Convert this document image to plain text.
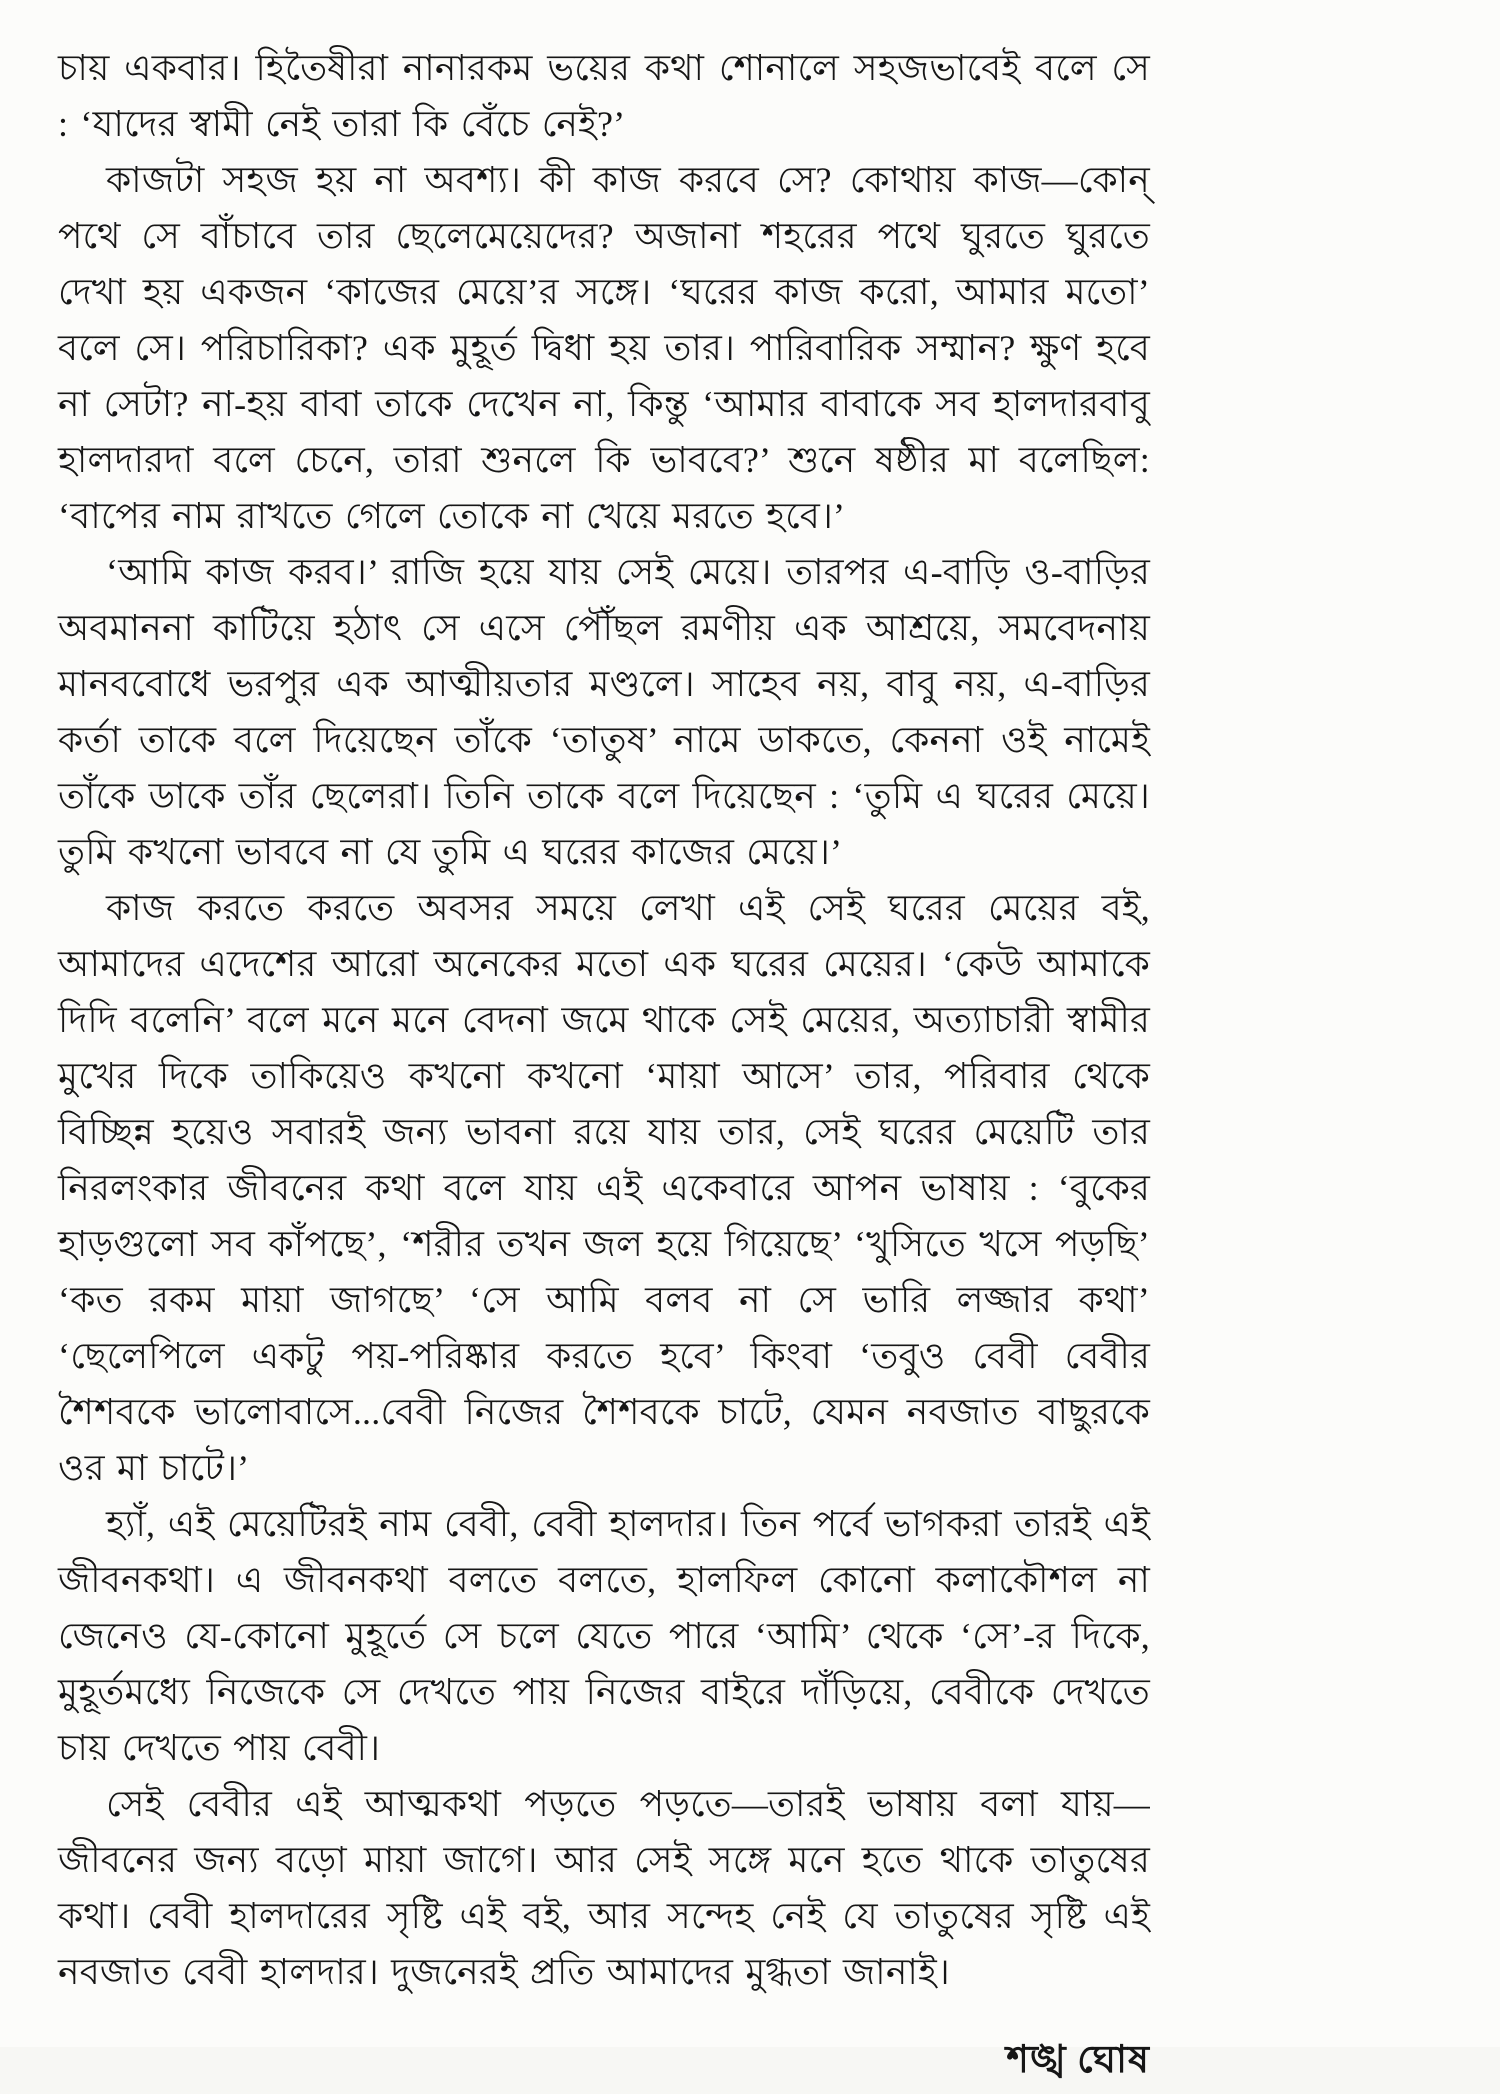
চায় একবার। হিতৈষীরা নানারকম ভয়ের কথা শোনালে সহজভাবেই বলে সে : ‘যাদের স্বামী নেই তারা কি বেঁচে নেই?’

কাজটা সহজ হয় না অবশ্য। কী কাজ করবে সে? কোথায় কাজ—কোন্‌ পথে সে বাঁচাবে তার ছেলেমেয়েদের? অজানা শহরের পথে ঘুরতে ঘুরতে দেখা হয় একজন ‘কাজের মেয়ে’র সঙ্গে। ‘ঘরের কাজ করো, আমার মতো’ বলে সে। পরিচারিকা? এক মুহূর্ত দ্বিধা হয় তার। পারিবারিক সম্মান? ক্ষুণ হবে না সেটা? না-হয় বাবা তাকে দেখেন না, কিন্তু ‘আমার বাবাকে সব হালদারবাবু হালদারদা বলে চেনে, তারা শুনলে কি ভাববে?’ শুনে ষষ্ঠীর মা বলেছিল: ‘বাপের নাম রাখতে গেলে তোকে না খেয়ে মরতে হবে।’

‘আমি কাজ করব।’ রাজি হয়ে যায় সেই মেয়ে। তারপর এ-বাড়ি ও-বাড়ির অবমাননা কাটিয়ে হঠাৎ সে এসে পৌঁছল রমণীয় এক আশ্রয়ে, সমবেদনায় মানববোধে ভরপুর এক আত্মীয়তার মণ্ডলে। সাহেব নয়, বাবু নয়, এ-বাড়ির কর্তা তাকে বলে দিয়েছেন তাঁকে ‘তাতুষ’ নামে ডাকতে, কেননা ওই নামেই তাঁকে ডাকে তাঁর ছেলেরা। তিনি তাকে বলে দিয়েছেন : ‘তুমি এ ঘরের মেয়ে। তুমি কখনো ভাববে না যে তুমি এ ঘরের কাজের মেয়ে।’

কাজ করতে করতে অবসর সময়ে লেখা এই সেই ঘরের মেয়ের বই, আমাদের এদেশের আরো অনেকের মতো এক ঘরের মেয়ের। ‘কেউ আমাকে দিদি বলেনি’ বলে মনে মনে বেদনা জমে থাকে সেই মেয়ের, অত্যাচারী স্বামীর মুখের দিকে তাকিয়েও কখনো কখনো ‘মায়া আসে’ তার, পরিবার থেকে বিচ্ছিন্ন হয়েও সবারই জন্য ভাবনা রয়ে যায় তার, সেই ঘরের মেয়েটি তার নিরলংকার জীবনের কথা বলে যায় এই একেবারে আপন ভাষায় : ‘বুকের হাড়গুলো সব কাঁপছে’, ‘শরীর তখন জল হয়ে গিয়েছে’ ‘খুসিতে খসে পড়ছি’ ‘কত রকম মায়া জাগছে’ ‘সে আমি বলব না সে ভারি লজ্জার কথা’ ‘ছেলেপিলে একটু পয়-পরিষ্কার করতে হবে’ কিংবা ‘তবুও বেবী বেবীর শৈশবকে ভালোবাসে...বেবী নিজের শৈশবকে চাটে, যেমন নবজাত বাছুরকে ওর মা চাটে।’

হ্যাঁ, এই মেয়েটিরই নাম বেবী, বেবী হালদার। তিন পর্বে ভাগকরা তারই এই জীবনকথা। এ জীবনকথা বলতে বলতে, হালফিল কোনো কলাকৌশল না জেনেও যে-কোনো মুহূর্তে সে চলে যেতে পারে ‘আমি’ থেকে ‘সে’-র দিকে, মুহূর্তমধ্যে নিজেকে সে দেখতে পায় নিজের বাইরে দাঁড়িয়ে, বেবীকে দেখতে চায় দেখতে পায় বেবী।

সেই বেবীর এই আত্মকথা পড়তে পড়তে—তারই ভাষায় বলা যায়—জীবনের জন্য বড়ো মায়া জাগে। আর সেই সঙ্গে মনে হতে থাকে তাতুষের কথা। বেবী হালদারের সৃষ্টি এই বই, আর সন্দেহ নেই যে তাতুষের সৃষ্টি এই নবজাত বেবী হালদার। দুজনেরই প্রতি আমাদের মুগ্ধতা জানাই।

শঙ্খ ঘোষ
